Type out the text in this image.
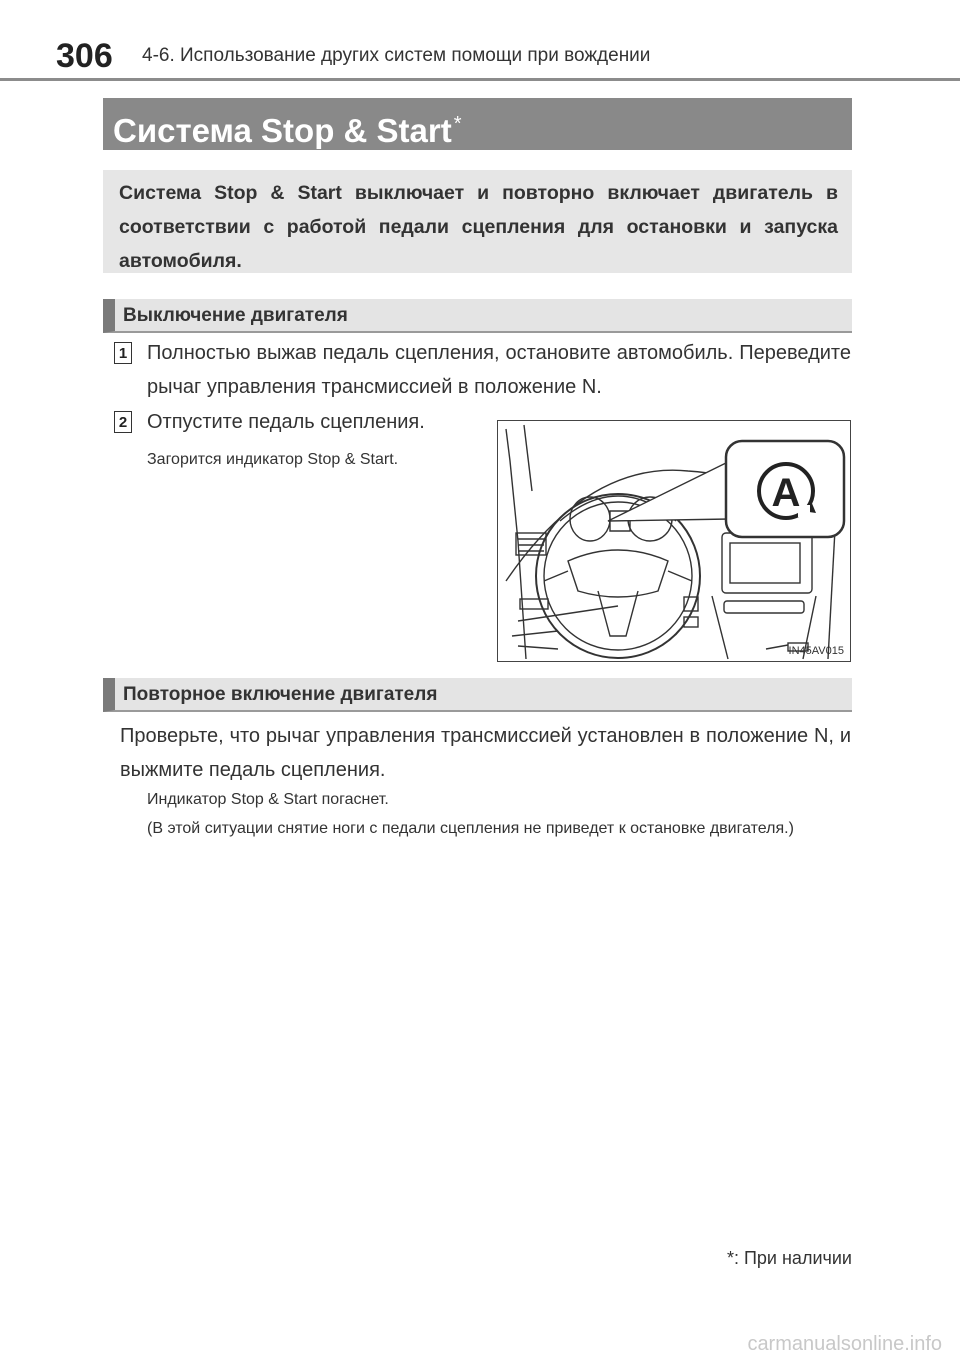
306 4-6. Использование других систем помощи при вождении
Система Stop & Start *
Система Stop & Start выключает и повторно включает двигатель в соответствии с работой педали сцепления для остановки и запуска автомобиля.
Выключение двигателя
1 Полностью выжав педаль сцепления, остановите автомобиль. Переведите рычаг управления трансмиссией в положение N.
2 Отпустите педаль сцепления.
Загорится индикатор Stop & Start.
A
IN45AV015
Повторное включение двигателя
Проверьте, что рычаг управления трансмиссией установлен в положение N, и выжмите педаль сцепления.
Индикатор Stop & Start погаснет.
(В этой ситуации снятие ноги с педали сцепления не приведет к остановке двигателя.)
*: При наличии
carmanualsonline.info
